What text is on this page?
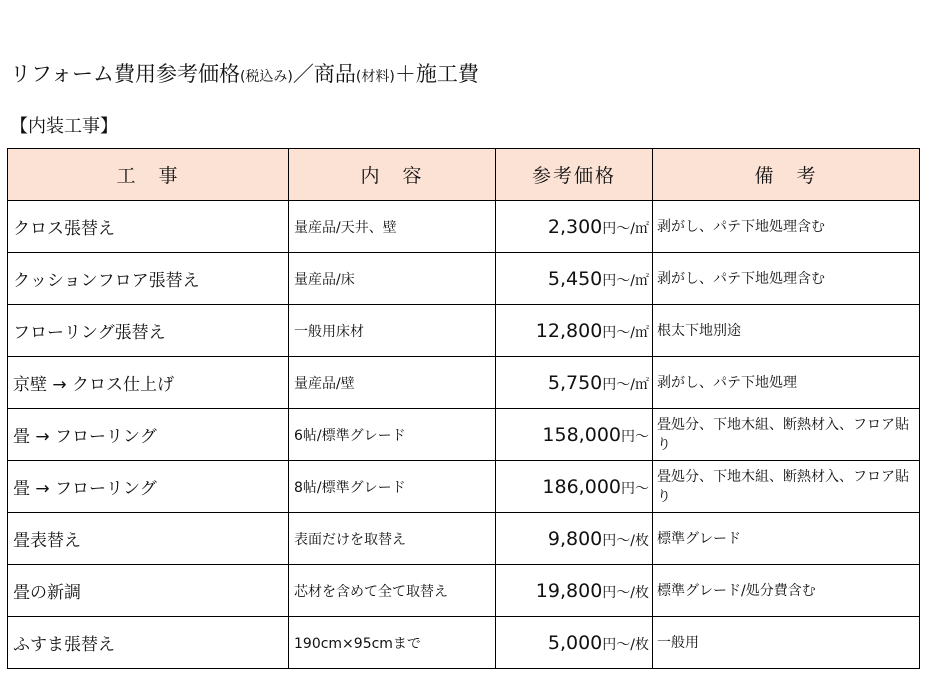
リフォーム費用参考価格(税込み)／商品(材料)＋施工費
【内装工事】
工　事	内　容	参考価格	備　考
クロス張替え	量産品/天井、壁	2,300円～/㎡	剥がし、パテ下地処理含む
クッションフロア張替え	量産品/床	5,450円～/㎡	剥がし、パテ下地処理含む
フローリング張替え	一般用床材	12,800円～/㎡	根太下地別途
京壁 → クロス仕上げ	量産品/壁	5,750円～/㎡	剥がし、パテ下地処理
畳 → フローリング	6帖/標準グレード	158,000円～	畳処分、下地木組、断熱材入、フロア貼り
畳 → フローリング	8帖/標準グレード	186,000円～	畳処分、下地木組、断熱材入、フロア貼り
畳表替え	表面だけを取替え	9,800円～/枚	標準グレード
畳の新調	芯材を含めて全て取替え	19,800円～/枚	標準グレード/処分費含む
ふすま張替え	190cm×95cmまで	5,000円～/枚	一般用
